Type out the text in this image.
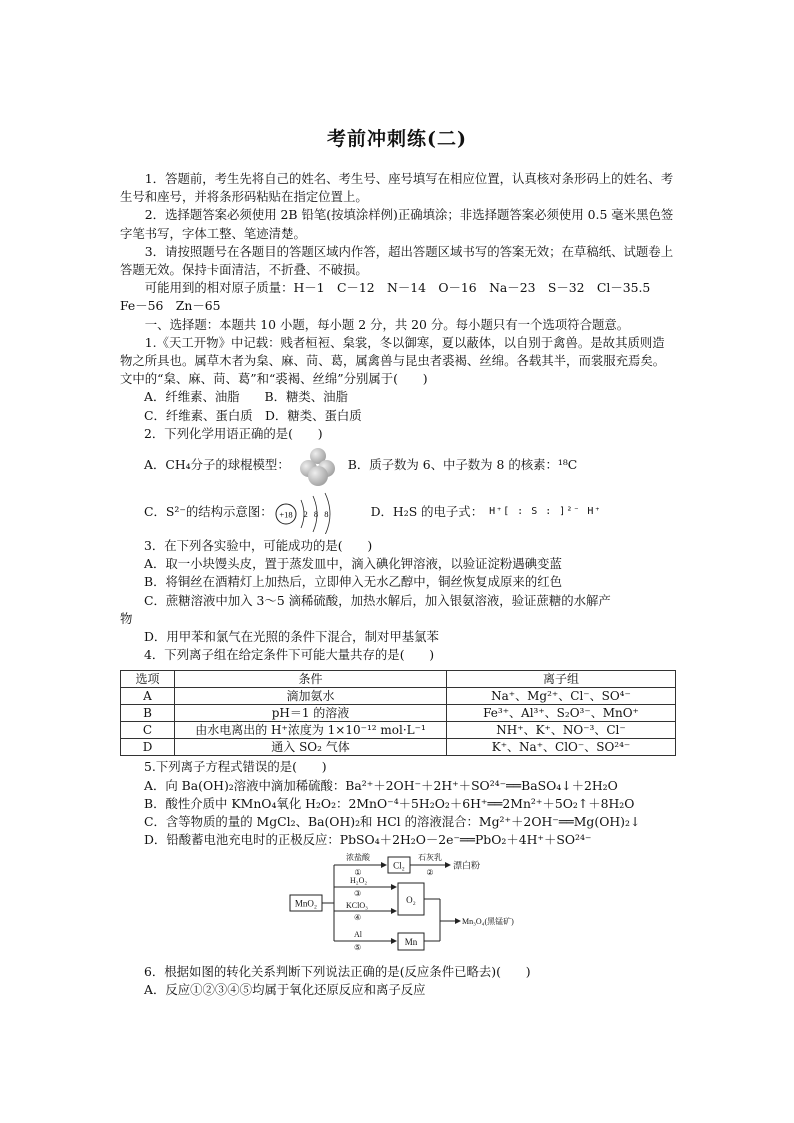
考前冲刺练(二)

1．答题前，考生先将自己的姓名、考生号、座号填写在相应位置，认真核对条形码上的姓名、考生号和座号，并将条形码粘贴在指定位置上。

2．选择题答案必须使用 2B 铅笔(按填涂样例)正确填涂；非选择题答案必须使用 0.5 毫米黑色签字笔书写，字体工整、笔迹清楚。

3．请按照题号在各题目的答题区域内作答，超出答题区域书写的答案无效；在草稿纸、试题卷上答题无效。保持卡面清洁，不折叠、不破损。

可能用到的相对原子质量：H－1　C－12　N－14　O－16　Na－23　S－32　Cl－35.5　Fe－56　Zn－65

一、选择题：本题共 10 小题，每小题 2 分，共 20 分。每小题只有一个选项符合题意。

1.《天工开物》中记载：贱者桓裋、枲裳，冬以御寒，夏以蔽体，以自别于禽兽。是故其质则造物之所具也。属草木者为枲、麻、苘、葛，属禽兽与昆虫者裘褐、丝绵。各载其半，而裳服充焉矣。文中的“枲、麻、苘、葛”和“裘褐、丝绵”分别属于(　　)

A．纤维素、油脂　　B．糖类、油脂

C．纤维素、蛋白质　D．糖类、蛋白质

2．下列化学用语正确的是(　　)

A．CH₄分子的球棍模型：	B．质子数为 6、中子数为 8 的核素：¹⁸C
C．S²⁻的结构示意图： +18 2 8 8	D．H₂S 的电子式： H⁺[ : S : ]²⁻ H⁺

3．在下列各实验中，可能成功的是(　　)

A．取一小块馒头皮，置于蒸发皿中，滴入碘化钾溶液，以验证淀粉遇碘变蓝

B．将铜丝在酒精灯上加热后，立即伸入无水乙醇中，铜丝恢复成原来的红色

C．蔗糖溶液中加入 3～5 滴稀硫酸，加热水解后，加入银氨溶液，验证蔗糖的水解产

物

D．用甲苯和氯气在光照的条件下混合，制对甲基氯苯

4．下列离子组在给定条件下可能大量共存的是(　　)

选项	条件	离子组
A	滴加氨水	Na⁺、Mg²⁺、Cl⁻、SO⁴⁻
B	pH＝1 的溶液	Fe³⁺、Al³⁺、S₂O³⁻、MnO⁺
C	由水电离出的 H⁺浓度为 1×10⁻¹² mol·L⁻¹	NH⁺、K⁺、NO⁻³、Cl⁻
D	通入 SO₂ 气体	K⁺、Na⁺、ClO⁻、SO²⁴⁻

5.下列离子方程式错误的是(　　)

A．向 Ba(OH)₂溶液中滴加稀硫酸：Ba²⁺＋2OH⁻＋2H⁺＋SO²⁴⁻══BaSO₄↓＋2H₂O

B．酸性介质中 KMnO₄氧化 H₂O₂：2MnO⁻⁴＋5H₂O₂＋6H⁺══2Mn²⁺＋5O₂↑＋8H₂O

C．含等物质的量的 MgCl₂、Ba(OH)₂和 HCl 的溶液混合：Mg²⁺＋2OH⁻══Mg(OH)₂↓

D．铅酸蓄电池充电时的正极反应：PbSO₄＋2H₂O－2e⁻══PbO₂＋4H⁺＋SO²⁴⁻

MnO₂
浓盐酸
①
Cl₂
石灰乳
②
漂白粉
H₂O₂
③
KClO₃
④
O₂
Al
⑤
Mn
Mn₃O₄(黑锰矿)

6．根据如图的转化关系判断下列说法正确的是(反应条件已略去)(　　)

A．反应①②③④⑤均属于氧化还原反应和离子反应
